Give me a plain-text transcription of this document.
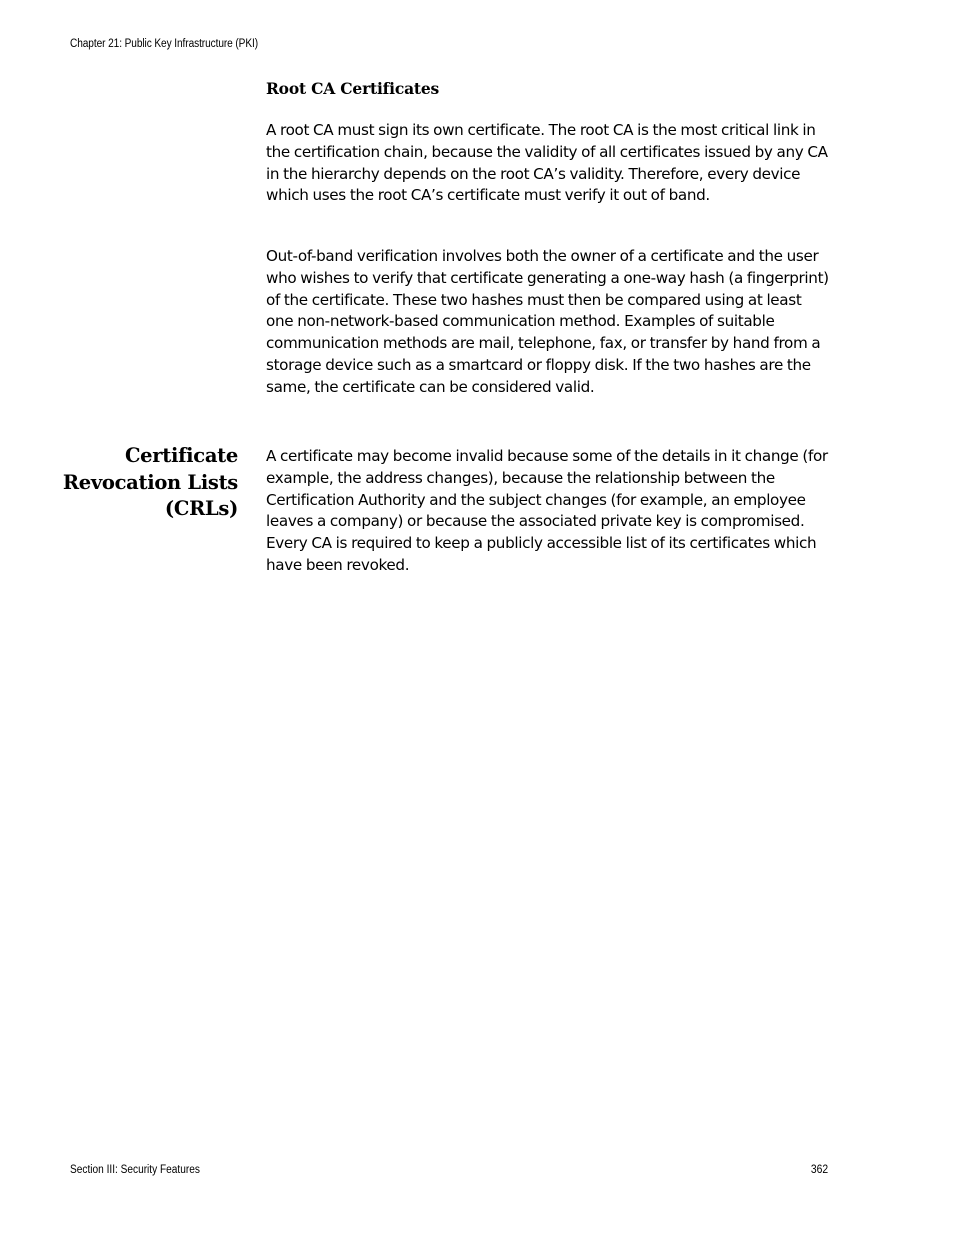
Chapter 21: Public Key Infrastructure (PKI)
Root CA Certificates

A root CA must sign its own certificate. The root CA is the most critical link in the certification chain, because the validity of all certificates issued by any CA in the hierarchy depends on the root CA’s validity. Therefore, every device which uses the root CA’s certificate must verify it out of band.

Out-of-band verification involves both the owner of a certificate and the user who wishes to verify that certificate generating a one-way hash (a fingerprint) of the certificate. These two hashes must then be compared using at least one non-network-based communication method. Examples of suitable communication methods are mail, telephone, fax, or transfer by hand from a storage device such as a smartcard or floppy disk. If the two hashes are the same, the certificate can be considered valid.

Certificate
Revocation Lists
(CRLs)

A certificate may become invalid because some of the details in it change (for example, the address changes), because the relationship between the Certification Authority and the subject changes (for example, an employee leaves a company) or because the associated private key is compromised. Every CA is required to keep a publicly accessible list of its certificates which have been revoked.

Section III: Security Features	362
